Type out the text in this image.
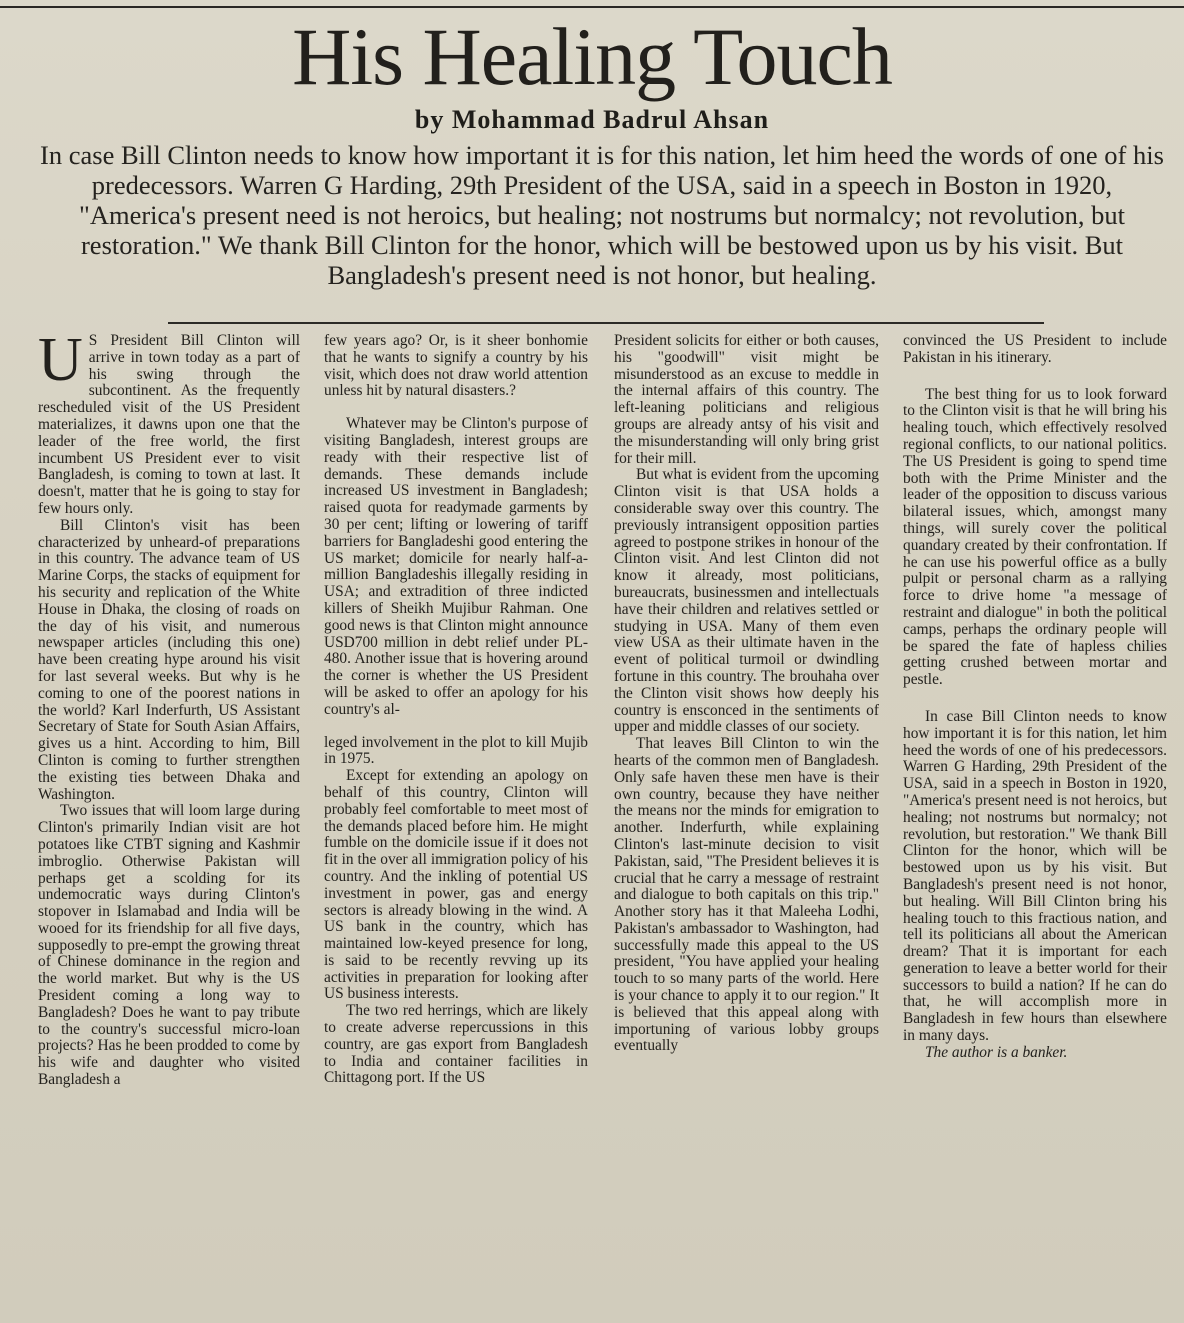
His Healing Touch
by Mohammad Badrul Ahsan

In case Bill Clinton needs to know how important it is for this nation, let him heed the words of one of his predecessors. Warren G Harding, 29th President of the USA, said in a speech in Boston in 1920, "America's present need is not heroics, but healing; not nostrums but normalcy; not revolution, but restoration." We thank Bill Clinton for the honor, which will be bestowed upon us by his visit. But Bangladesh's present need is not honor, but healing.

U S President Bill Clinton will arrive in town today as a part of his swing through the subcontinent. As the frequently rescheduled visit of the US President materializes, it dawns upon one that the leader of the free world, the first incumbent US President ever to visit Bangladesh, is coming to town at last. It doesn't, matter that he is going to stay for few hours only.

Bill Clinton's visit has been characterized by unheard-of preparations in this country. The advance team of US Marine Corps, the stacks of equipment for his security and replication of the White House in Dhaka, the closing of roads on the day of his visit, and numerous newspaper articles (including this one) have been creating hype around his visit for last several weeks. But why is he coming to one of the poorest nations in the world? Karl Inderfurth, US Assistant Secretary of State for South Asian Affairs, gives us a hint. According to him, Bill Clinton is coming to further strengthen the existing ties between Dhaka and Washington.

Two issues that will loom large during Clinton's primarily Indian visit are hot potatoes like CTBT signing and Kashmir imbroglio. Otherwise Pakistan will perhaps get a scolding for its undemocratic ways during Clinton's stopover in Islamabad and India will be wooed for its friendship for all five days, supposedly to pre-empt the growing threat of Chinese dominance in the region and the world market. But why is the US President coming a long way to Bangladesh? Does he want to pay tribute to the country's successful micro-loan projects? Has he been prodded to come by his wife and daughter who visited Bangladesh a

few years ago? Or, is it sheer bonhomie that he wants to signify a country by his visit, which does not draw world attention unless hit by natural disasters.?

Whatever may be Clinton's purpose of visiting Bangladesh, interest groups are ready with their respective list of demands. These demands include increased US investment in Bangladesh; raised quota for readymade garments by 30 per cent; lifting or lowering of tariff barriers for Bangladeshi good entering the US market; domicile for nearly half-a-million Bangladeshis illegally residing in USA; and extradition of three indicted killers of Sheikh Mujibur Rahman. One good news is that Clinton might announce USD700 million in debt relief under PL-480. Another issue that is hovering around the corner is whether the US President will be asked to offer an apology for his country's al-

leged involvement in the plot to kill Mujib in 1975.

Except for extending an apology on behalf of this country, Clinton will probably feel comfortable to meet most of the demands placed before him. He might fumble on the domicile issue if it does not fit in the over all immigration policy of his country. And the inkling of potential US investment in power, gas and energy sectors is already blowing in the wind. A US bank in the country, which has maintained low-keyed presence for long, is said to be recently revving up its activities in preparation for looking after US business interests.

The two red herrings, which are likely to create adverse repercussions in this country, are gas export from Bangladesh to India and container facilities in Chittagong port. If the US

President solicits for either or both causes, his "goodwill" visit might be misunderstood as an excuse to meddle in the internal affairs of this country. The left-leaning politicians and religious groups are already antsy of his visit and the misunderstanding will only bring grist for their mill.

But what is evident from the upcoming Clinton visit is that USA holds a considerable sway over this country. The previously intransigent opposition parties agreed to postpone strikes in honour of the Clinton visit. And lest Clinton did not know it already, most politicians, bureaucrats, businessmen and intellectuals have their children and relatives settled or studying in USA. Many of them even view USA as their ultimate haven in the event of political turmoil or dwindling fortune in this country. The brouhaha over the Clinton visit shows how deeply his country is ensconced in the sentiments of upper and middle classes of our society.

That leaves Bill Clinton to win the hearts of the common men of Bangladesh. Only safe haven these men have is their own country, because they have neither the means nor the minds for emigration to another. Inderfurth, while explaining Clinton's last-minute decision to visit Pakistan, said, "The President believes it is crucial that he carry a message of restraint and dialogue to both capitals on this trip." Another story has it that Maleeha Lodhi, Pakistan's ambassador to Washington, had successfully made this appeal to the US president, "You have applied your healing touch to so many parts of the world. Here is your chance to apply it to our region." It is believed that this appeal along with importuning of various lobby groups eventually

convinced the US President to include Pakistan in his itinerary.

The best thing for us to look forward to the Clinton visit is that he will bring his healing touch, which effectively resolved regional conflicts, to our national politics. The US President is going to spend time both with the Prime Minister and the leader of the opposition to discuss various bilateral issues, which, amongst many things, will surely cover the political quandary created by their confrontation. If he can use his powerful office as a bully pulpit or personal charm as a rallying force to drive home "a message of restraint and dialogue" in both the political camps, perhaps the ordinary people will be spared the fate of hapless chilies getting crushed between mortar and pestle.

In case Bill Clinton needs to know how important it is for this nation, let him heed the words of one of his predecessors. Warren G Harding, 29th President of the USA, said in a speech in Boston in 1920, "America's present need is not heroics, but healing; not nostrums but normalcy; not revolution, but restoration." We thank Bill Clinton for the honor, which will be bestowed upon us by his visit. But Bangladesh's present need is not honor, but healing. Will Bill Clinton bring his healing touch to this fractious nation, and tell its politicians all about the American dream? That it is important for each generation to leave a better world for their successors to build a nation? If he can do that, he will accomplish more in Bangladesh in few hours than elsewhere in many days.

The author is a banker.
